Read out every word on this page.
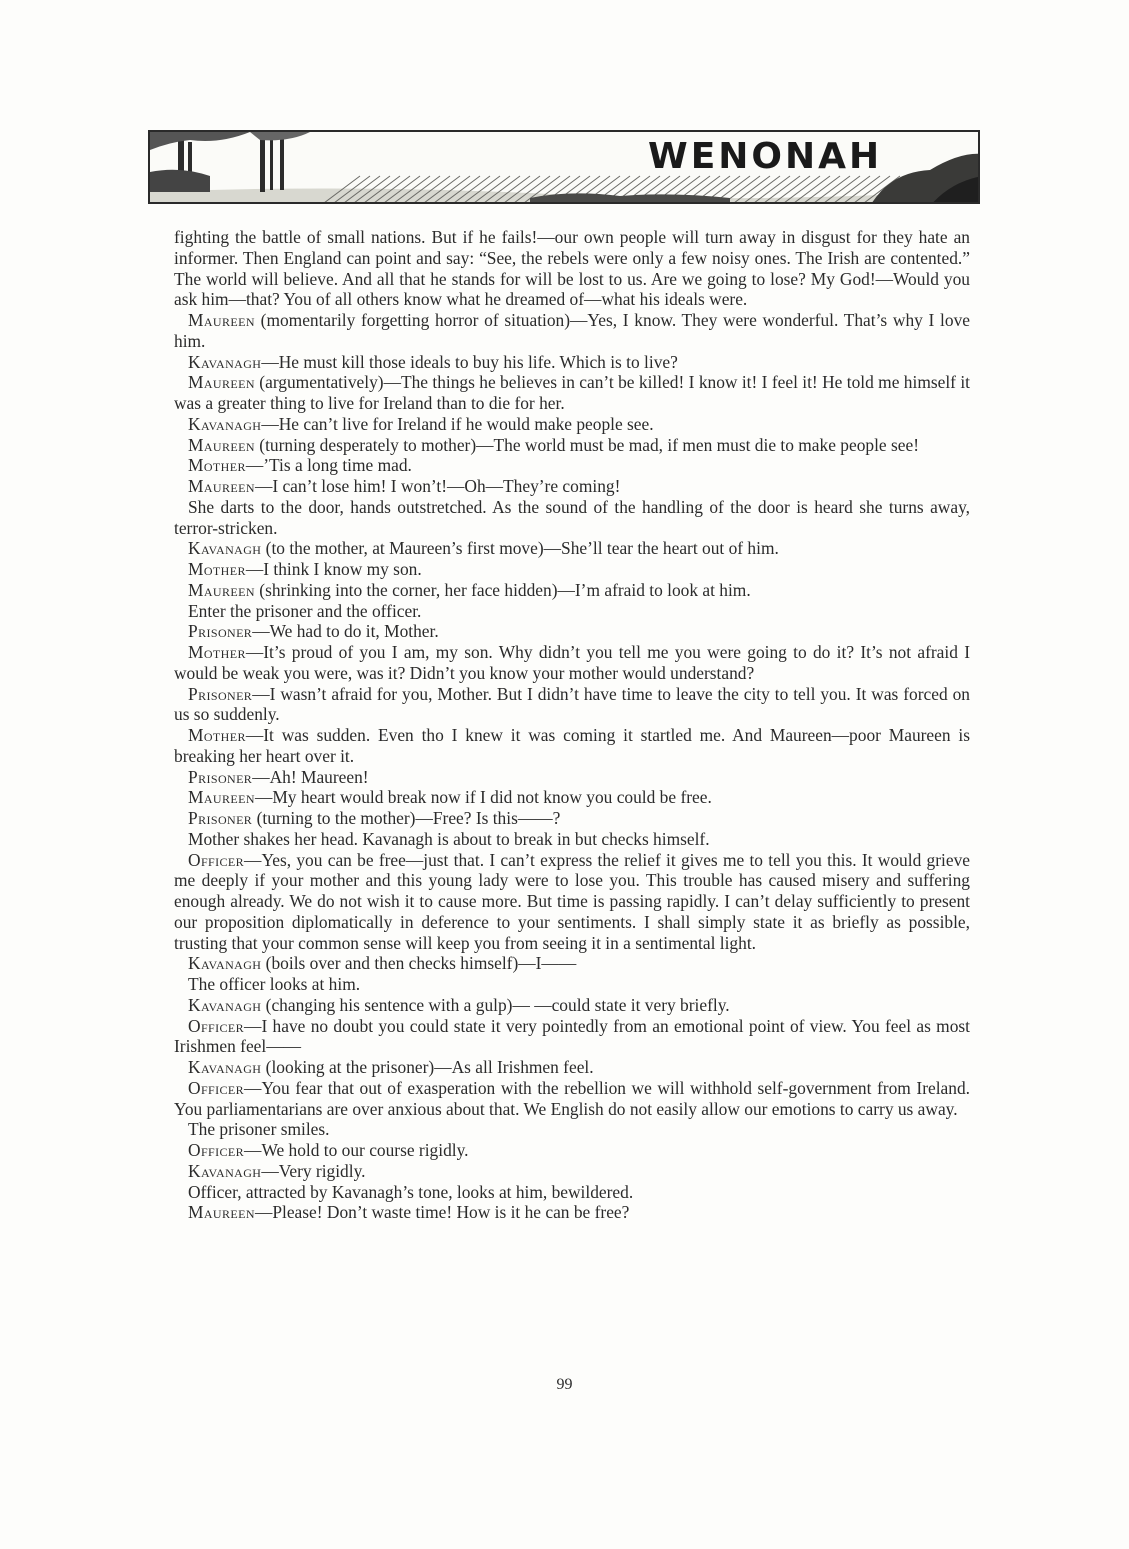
WENONAH

fighting the battle of small nations. But if he fails!—our own people will turn away in disgust for they hate an informer. Then England can point and say: “See, the rebels were only a few noisy ones. The Irish are contented.” The world will believe. And all that he stands for will be lost to us. Are we going to lose? My God!—Would you ask him—that? You of all others know what he dreamed of—what his ideals were.

Maureen (momentarily forgetting horror of situation)—Yes, I know. They were wonderful. That’s why I love him.

Kavanagh—He must kill those ideals to buy his life. Which is to live?

Maureen (argumentatively)—The things he believes in can’t be killed! I know it! I feel it! He told me himself it was a greater thing to live for Ireland than to die for her.

Kavanagh—He can’t live for Ireland if he would make people see.

Maureen (turning desperately to mother)—The world must be mad, if men must die to make people see!

Mother—’Tis a long time mad.

Maureen—I can’t lose him! I won’t!—Oh—They’re coming!

She darts to the door, hands outstretched. As the sound of the handling of the door is heard she turns away, terror-stricken.

Kavanagh (to the mother, at Maureen’s first move)—She’ll tear the heart out of him.

Mother—I think I know my son.

Maureen (shrinking into the corner, her face hidden)—I’m afraid to look at him.

Enter the prisoner and the officer.

Prisoner—We had to do it, Mother.

Mother—It’s proud of you I am, my son. Why didn’t you tell me you were going to do it? It’s not afraid I would be weak you were, was it? Didn’t you know your mother would understand?

Prisoner—I wasn’t afraid for you, Mother. But I didn’t have time to leave the city to tell you. It was forced on us so suddenly.

Mother—It was sudden. Even tho I knew it was coming it startled me. And Maureen—poor Maureen is breaking her heart over it.

Prisoner—Ah! Maureen!

Maureen—My heart would break now if I did not know you could be free.

Prisoner (turning to the mother)—Free? Is this——?

Mother shakes her head. Kavanagh is about to break in but checks himself.

Officer—Yes, you can be free—just that. I can’t express the relief it gives me to tell you this. It would grieve me deeply if your mother and this young lady were to lose you. This trouble has caused misery and suffering enough already. We do not wish it to cause more. But time is passing rapidly. I can’t delay sufficiently to present our proposition diplomatically in deference to your sentiments. I shall simply state it as briefly as possible, trusting that your common sense will keep you from seeing it in a sentimental light.

Kavanagh (boils over and then checks himself)—I——

The officer looks at him.

Kavanagh (changing his sentence with a gulp)— —could state it very briefly.

Officer—I have no doubt you could state it very pointedly from an emotional point of view. You feel as most Irishmen feel——

Kavanagh (looking at the prisoner)—As all Irishmen feel.

Officer—You fear that out of exasperation with the rebellion we will withhold self-government from Ireland. You parliamentarians are over anxious about that. We English do not easily allow our emotions to carry us away.

The prisoner smiles.

Officer—We hold to our course rigidly.

Kavanagh—Very rigidly.

Officer, attracted by Kavanagh’s tone, looks at him, bewildered.

Maureen—Please! Don’t waste time! How is it he can be free?

99
